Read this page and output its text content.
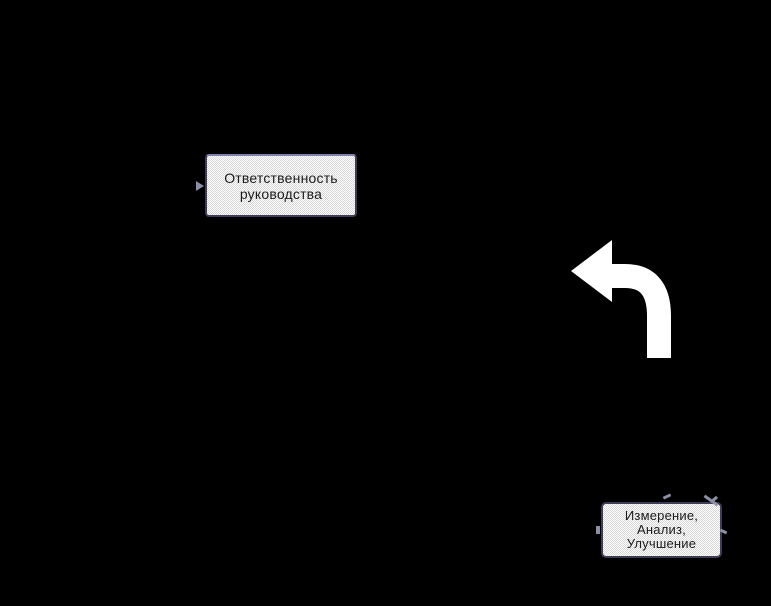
Ответственность
руководства
Измерение,
Анализ,
Улучшение
